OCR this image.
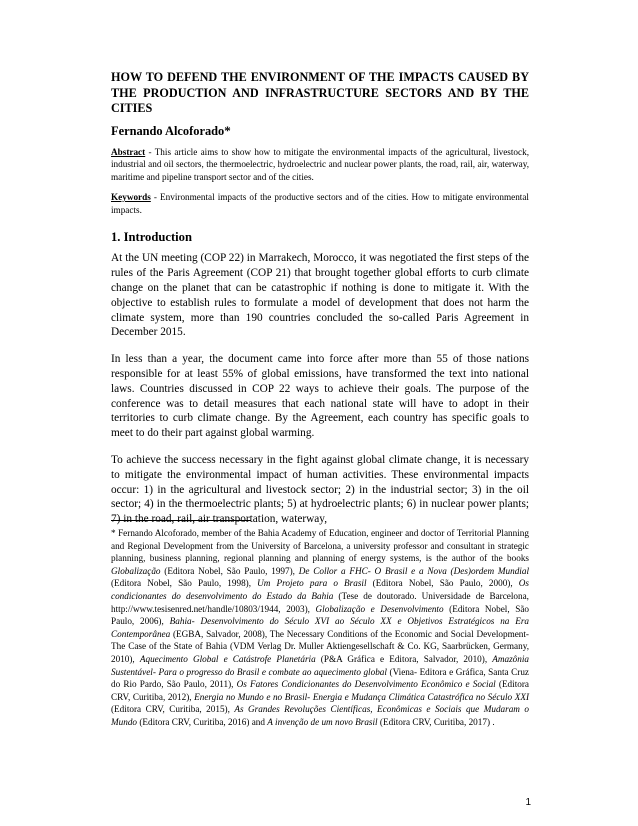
HOW TO DEFEND THE ENVIRONMENT OF THE IMPACTS CAUSED BY THE PRODUCTION AND INFRASTRUCTURE SECTORS AND BY THE CITIES
Fernando Alcoforado*
Abstract - This article aims to show how to mitigate the environmental impacts of the agricultural, livestock, industrial and oil sectors, the thermoelectric, hydroelectric and nuclear power plants, the road, rail, air, waterway, maritime and pipeline transport sector and of the cities.
Keywords - Environmental impacts of the productive sectors and of the cities. How to mitigate environmental impacts.
1. Introduction

At the UN meeting (COP 22) in Marrakech, Morocco, it was negotiated the first steps of the rules of the Paris Agreement (COP 21) that brought together global efforts to curb climate change on the planet that can be catastrophic if nothing is done to mitigate it. With the objective to establish rules to formulate a model of development that does not harm the climate system, more than 190 countries concluded the so-called Paris Agreement in December 2015.

In less than a year, the document came into force after more than 55 of those nations responsible for at least 55% of global emissions, have transformed the text into national laws. Countries discussed in COP 22 ways to achieve their goals. The purpose of the conference was to detail measures that each national state will have to adopt in their territories to curb climate change. By the Agreement, each country has specific goals to meet to do their part against global warming.

To achieve the success necessary in the fight against global climate change, it is necessary to mitigate the environmental impact of human activities. These environmental impacts occur: 1) in the agricultural and livestock sector; 2) in the industrial sector; 3) in the oil sector; 4) in the thermoelectric plants; 5) at hydroelectric plants; 6) in nuclear power plants; 7) in the road, rail, air transportation, waterway,

* Fernando Alcoforado, member of the Bahia Academy of Education, engineer and doctor of Territorial Planning and Regional Development from the University of Barcelona, a university professor and consultant in strategic planning, business planning, regional planning and planning of energy systems, is the author of the books Globalização (Editora Nobel, São Paulo, 1997), De Collor a FHC- O Brasil e a Nova (Des)ordem Mundial (Editora Nobel, São Paulo, 1998), Um Projeto para o Brasil (Editora Nobel, São Paulo, 2000), Os condicionantes do desenvolvimento do Estado da Bahia (Tese de doutorado. Universidade de Barcelona, http://www.tesisenred.net/handle/10803/1944, 2003), Globalização e Desenvolvimento (Editora Nobel, São Paulo, 2006), Bahia- Desenvolvimento do Século XVI ao Século XX e Objetivos Estratégicos na Era Contemporânea (EGBA, Salvador, 2008), The Necessary Conditions of the Economic and Social Development-The Case of the State of Bahia (VDM Verlag Dr. Muller Aktiengesellschaft & Co. KG, Saarbrücken, Germany, 2010), Aquecimento Global e Catástrofe Planetária (P&A Gráfica e Editora, Salvador, 2010), Amazônia Sustentável- Para o progresso do Brasil e combate ao aquecimento global (Viena- Editora e Gráfica, Santa Cruz do Rio Pardo, São Paulo, 2011), Os Fatores Condicionantes do Desenvolvimento Econômico e Social (Editora CRV, Curitiba, 2012), Energia no Mundo e no Brasil- Energia e Mudança Climática Catastrófica no Século XXI (Editora CRV, Curitiba, 2015), As Grandes Revoluções Científicas, Econômicas e Sociais que Mudaram o Mundo (Editora CRV, Curitiba, 2016) and A invenção de um novo Brasil (Editora CRV, Curitiba, 2017) .
1
